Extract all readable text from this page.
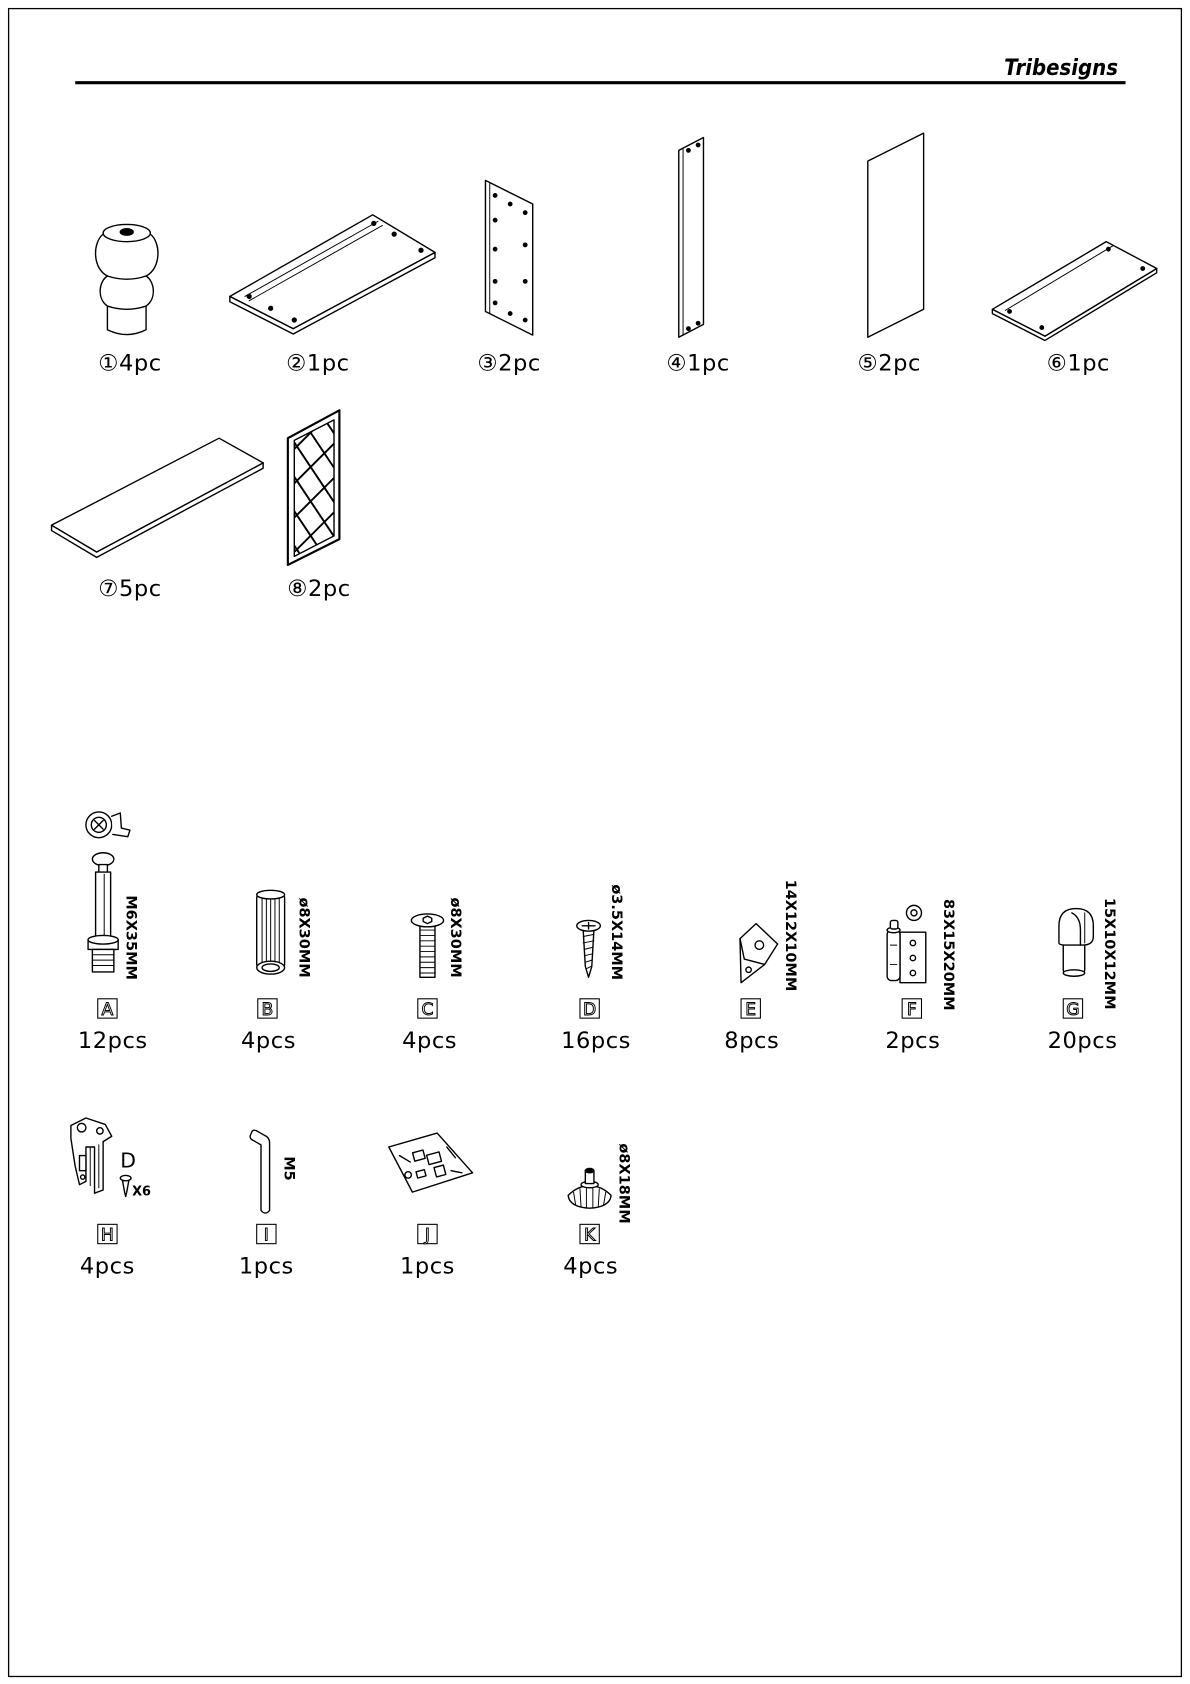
Tribesigns
①4pc	②1pc	③2pc	④1pc	⑤2pc	⑥1pc
⑦5pc	⑧2pc
M6X35MM
A
12pcs
ø8X30MM
B
4pcs
ø8X30MM
C
4pcs
ø3.5X14MM
D
16pcs
14X12X10MM
E
8pcs
83X15X20MM
F
2pcs
15X10X12MM
G
20pcs
D
X6
H
4pcs
M5
I
1pcs
J
1pcs
ø8X18MM
K
4pcs
